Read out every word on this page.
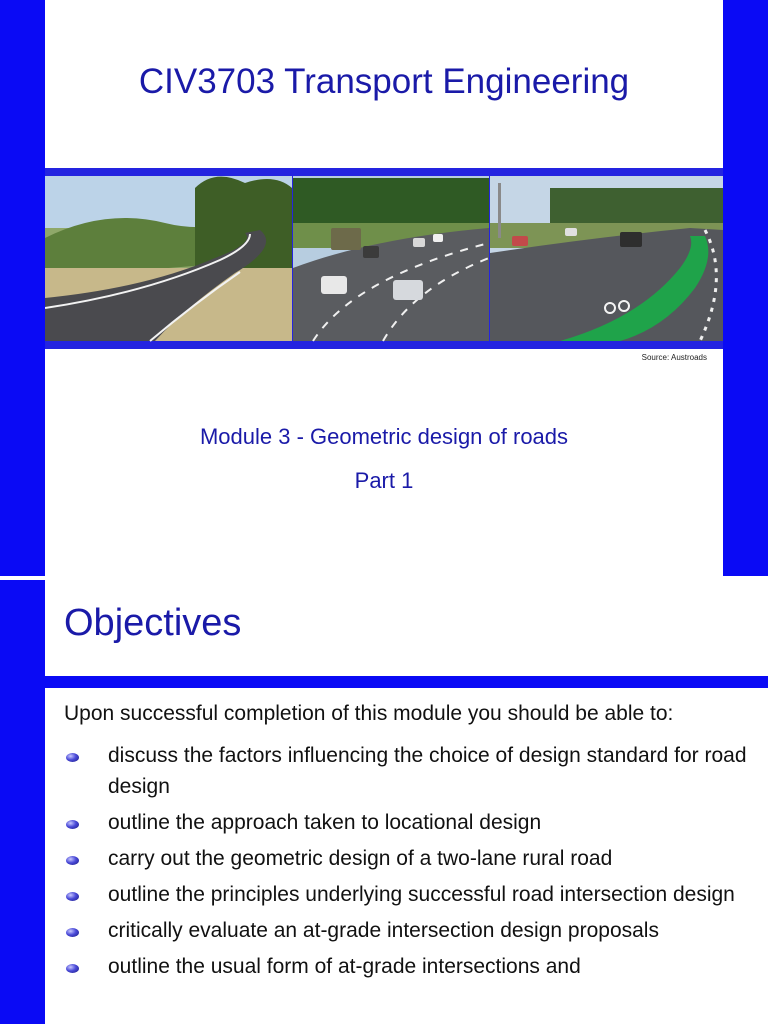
CIV3703 Transport Engineering
Source: Austroads
Module 3 - Geometric design of roads
Part 1
Objectives
Upon successful completion of this module you should be able to:
discuss the factors influencing the choice of design standard for road design
outline the approach taken to locational design
carry out the geometric design of a two-lane rural road
outline the principles underlying successful road intersection design
critically evaluate an at-grade intersection design proposals
outline the usual form of at-grade intersections and
